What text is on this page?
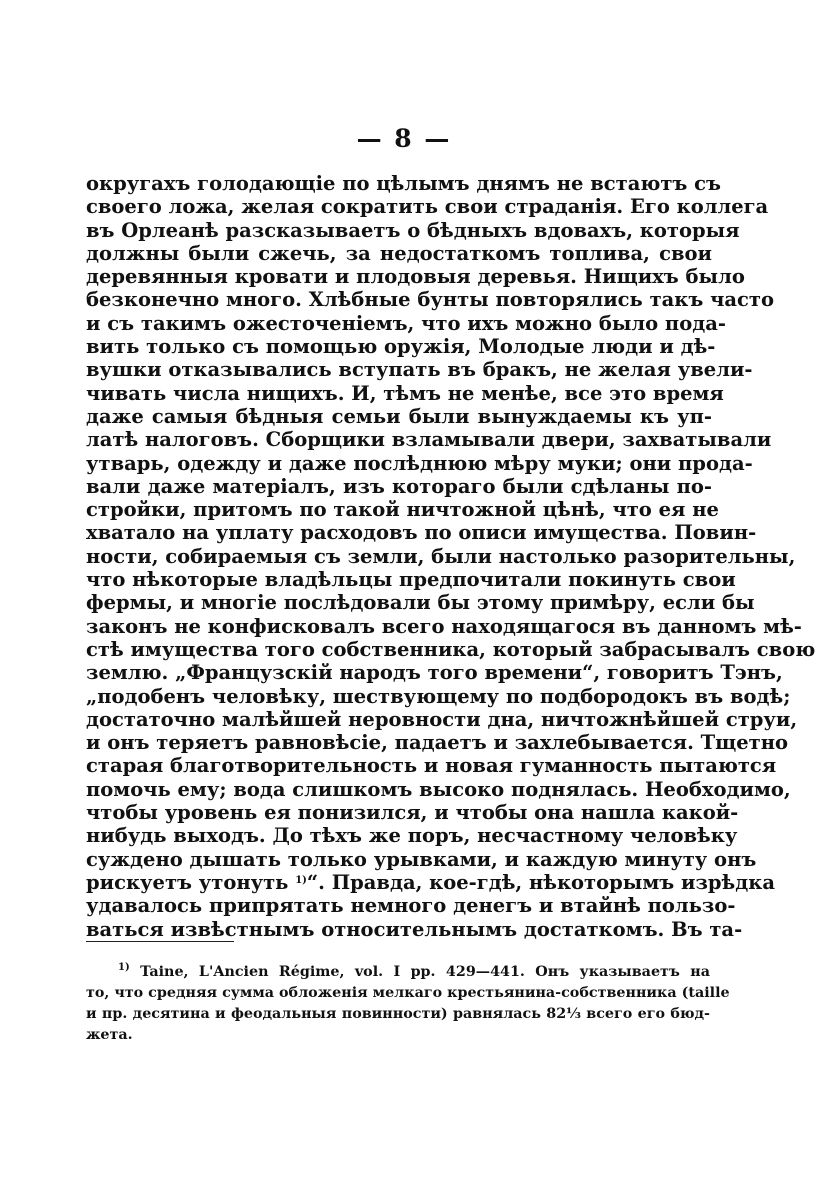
— 8 —
округахъ голодающіе по цѣлымъ днямъ не встаютъ съ
своего ложа, желая сократить свои страданія. Его коллега
въ Орлеанѣ разсказываетъ о бѣдныхъ вдовахъ, которыя
должны были сжечь, за недостаткомъ топлива, свои
деревянныя кровати и плодовыя деревья. Нищихъ было
безконечно много. Хлѣбные бунты повторялись такъ часто
и съ такимъ ожесточеніемъ, что ихъ можно было пода-
вить только съ помощью оружія, Молодые люди и дѣ-
вушки отказывались вступать въ бракъ, не желая увели-
чивать числа нищихъ. И, тѣмъ не менѣе, все это время
даже самыя бѣдныя семьи были вынуждаемы къ уп-
латѣ налоговъ. Сборщики взламывали двери, захватывали
утварь, одежду и даже послѣднюю мѣру муки; они прода-
вали даже матеріалъ, изъ котораго были сдѣланы по-
стройки, притомъ по такой ничтожной цѣнѣ, что ея не
хватало на уплату расходовъ по описи имущества. Повин-
ности, собираемыя съ земли, были настолько разорительны,
что нѣкоторые владѣльцы предпочитали покинуть свои
фермы, и многіе послѣдовали бы этому примѣру, если бы
законъ не конфисковалъ всего находящагося въ данномъ мѣ-
стѣ имущества того собственника, который забрасывалъ свою
землю. „Французскій народъ того времени“, говоритъ Тэнъ,
„подобенъ человѣку, шествующему по подбородокъ въ водѣ;
достаточно малѣйшей неровности дна, ничтожнѣйшей струи,
и онъ теряетъ равновѣсіе, падаетъ и захлебывается. Тщетно
старая благотворительность и новая гуманность пытаются
помочь ему; вода слишкомъ высоко поднялась. Необходимо,
чтобы уровень ея понизился, и чтобы она нашла какой-
нибудь выходъ. До тѣхъ же поръ, несчастному человѣку
суждено дышать только урывками, и каждую минуту онъ
рискуетъ утонуть $^{1)}$“. Правда, кое-гдѣ, нѣкоторымъ изрѣдка
удавалось припрятать немного денегъ и втайнѣ пользо-
ваться извѣстнымъ относительнымъ достаткомъ. Въ та-
$^{1)}$ Taine, L'Ancien Régime, vol. I pp. 429—441. Онъ указываетъ на
то, что средняя сумма обложенія мелкаго крестьянина-собственника (taille
и пр. десятина и феодальныя повинности) равнялась 82⅓ всего его бюд-
жета.
